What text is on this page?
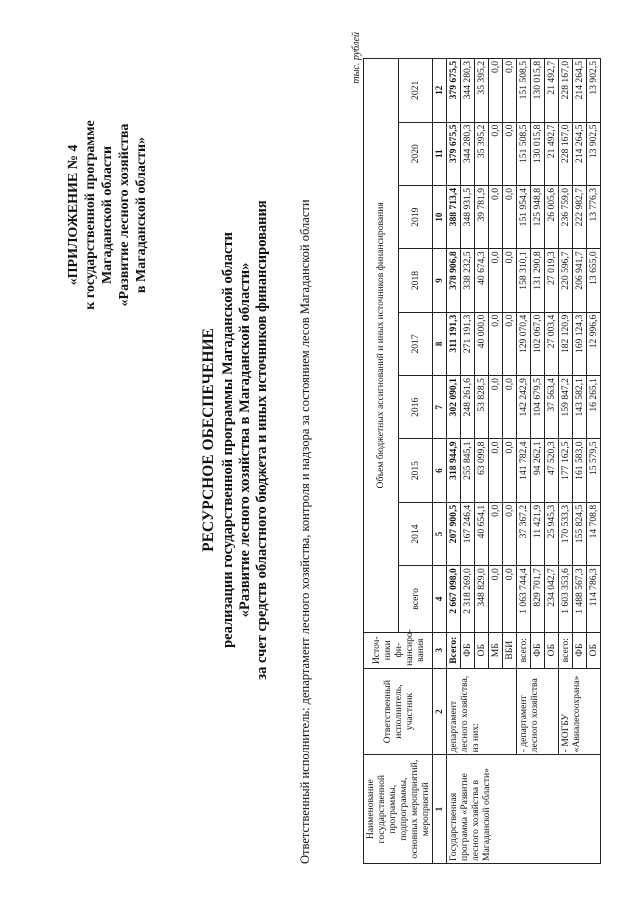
«ПРИЛОЖЕНИЕ № 4 к государственной программе Магаданской области «Развитие лесного хозяйства в Магаданской области»
РЕСУРСНОЕ ОБЕСПЕЧЕНИЕ реализации государственной программы Магаданской области «Развитие лесного хозяйства в Магаданской области» за счет средств областного бюджета и иных источников финансирования Ответственный исполнитель: департамент лесного хозяйства, контроля и надзора за состоянием лесов Магаданской области
тыс. рублей
Наименование государственной программы, подпрограммы, основных мероприятий, мероприятий	Ответственный исполнитель, участник	Источ-ники фи-нансиро-вания	Объем бюджетных ассигнований и иных источников финансирования								
			всего	2014	2015	2016	2017	2018	2019	2020	2021
1	2	3	4	5	6	7	8	9	10	11	12
Государственная программа «Развитие лесного хозяйства в Магаданской области»	департамент лесного хозяйства, из них:	Всего:	2 667 098,0	207 900,5	318 944,9	302 090,1	311 191,3	378 906,8	388 713,4	379 675,5	379 675,5
		ФБ	2 318 269,0	167 246,4	255 845,1	248 261,6	271 191,3	338 232,5	348 931,5	344 280,3	344 280,3
		ОБ	348 829,0	40 654,1	63 099,8	53 828,5	40 000,0	40 674,3	39 781,9	35 395,2	35 395,2
		МБ	0,0	0,0	0,0	0,0	0,0	0,0	0,0	0,0	0,0
		ВБИ	0,0	0,0	0,0	0,0	0,0	0,0	0,0	0,0	0,0
	- департамент лесного хозяйства	всего:	1 063 744,4	37 367,2	141 782,4	142 242,9	129 070,4	158 310,1	151 954,4	151 508,5	151 508,5
		ФБ	829 701,7	11 421,9	94 262,1	104 679,5	102 067,0	131 290,8	125 948,8	130 015,8	130 015,8
		ОБ	234 042,7	25 945,3	47 520,3	37 563,4	27 003,4	27 019,3	26 005,6	21 492,7	21 492,7
	- МОГБУ «Авиалесоохрана»	всего:	1 603 353,6	170 533,3	177 162,5	159 847,2	182 120,9	220 596,7	236 759,0	228 167,0	228 167,0
		ФБ	1 488 567,3	155 824,5	161 583,0	143 582,1	169 124,3	206 941,7	222 982,7	214 264,5	214 264,5
		ОБ	114 786,3	14 708,8	15 579,5	16 265,1	12 996,6	13 655,0	13 776,3	13 902,5	13 902,5
